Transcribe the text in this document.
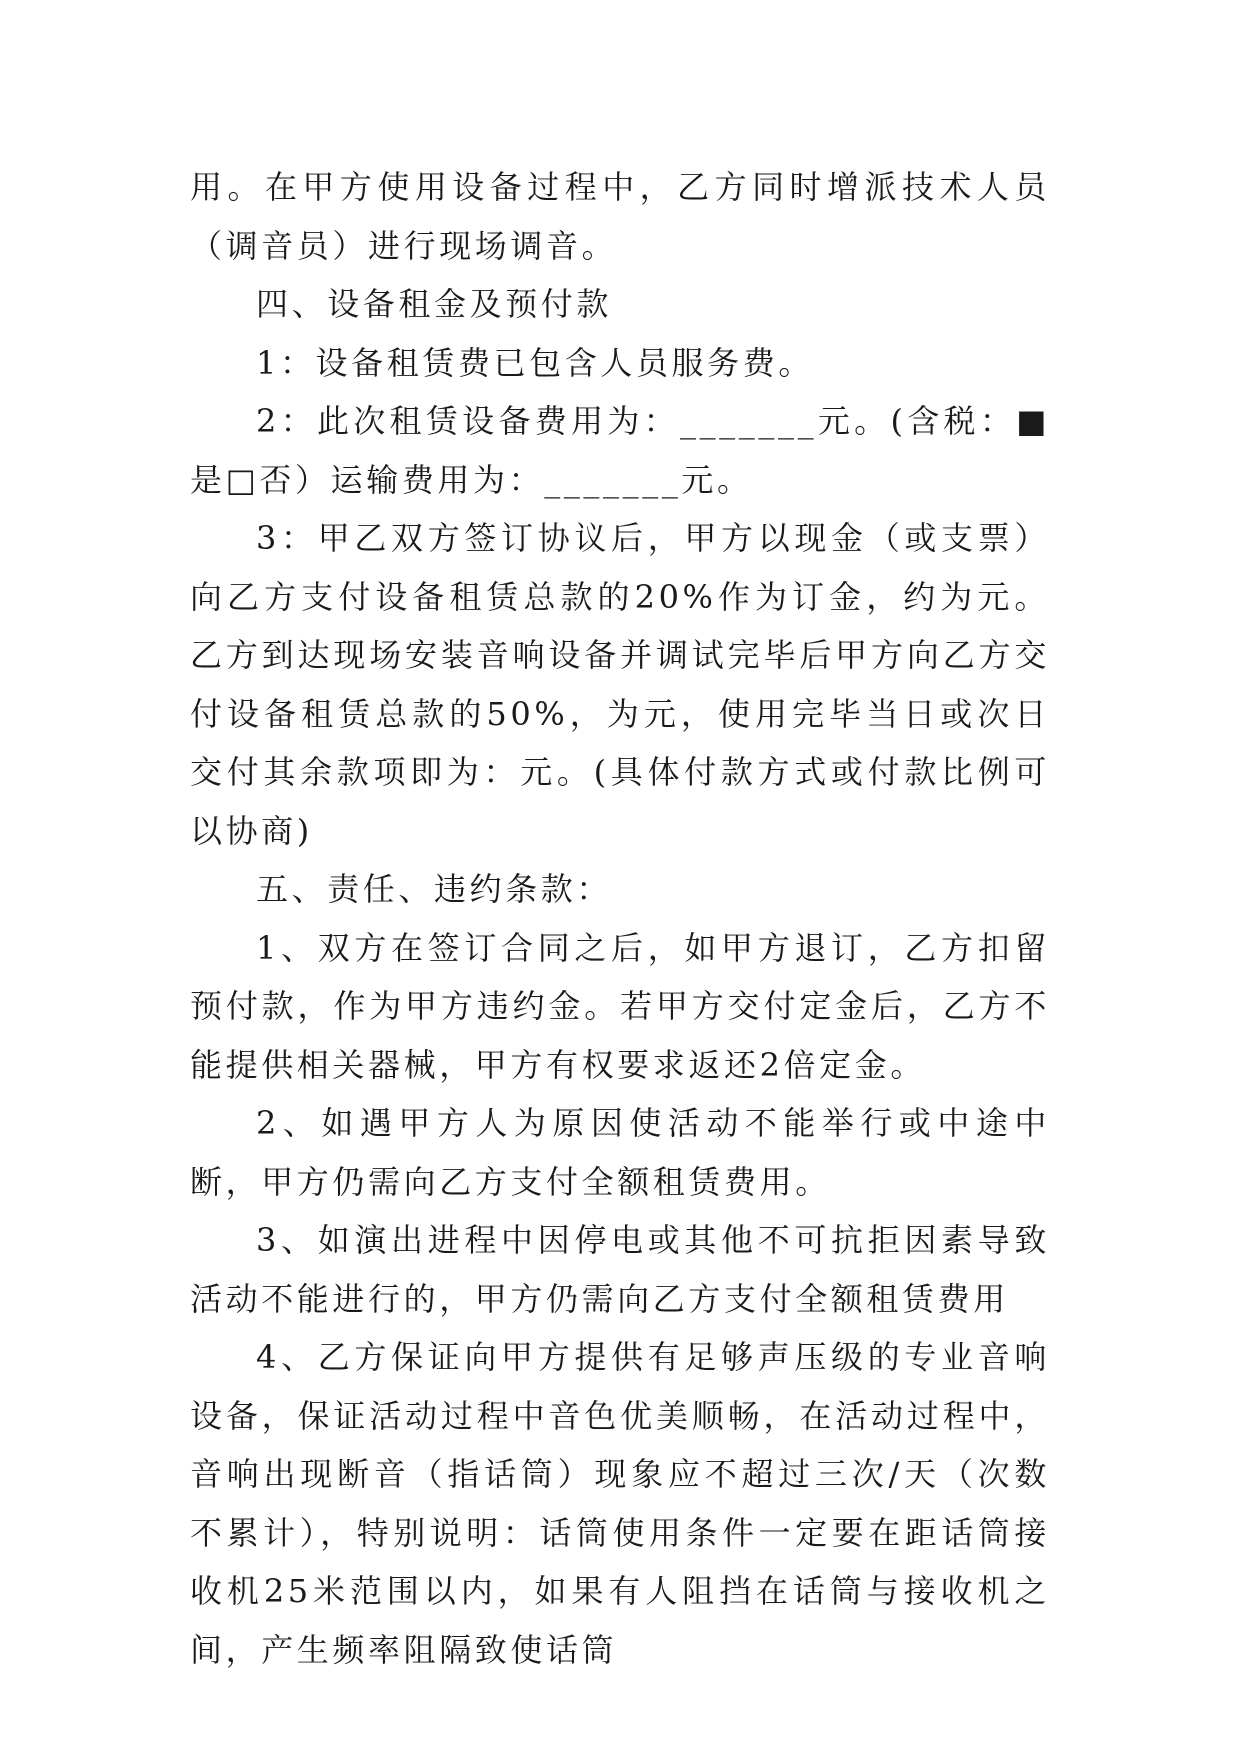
用。在甲方使用设备过程中，乙方同时增派技术人员（调音员）进行现场调音。

四、设备租金及预付款

1：设备租赁费已包含人员服务费。

2：此次租赁设备费用为：_______元。(含税：■是□否）运输费用为：_______元。

3：甲乙双方签订协议后，甲方以现金（或支票）向乙方支付设备租赁总款的20%作为订金，约为元。乙方到达现场安装音响设备并调试完毕后甲方向乙方交付设备租赁总款的50%，为元，使用完毕当日或次日交付其余款项即为：元。(具体付款方式或付款比例可以协商)

五、责任、违约条款：

1、双方在签订合同之后，如甲方退订，乙方扣留预付款，作为甲方违约金。若甲方交付定金后，乙方不能提供相关器械，甲方有权要求返还2倍定金。

2、如遇甲方人为原因使活动不能举行或中途中断，甲方仍需向乙方支付全额租赁费用。

3、如演出进程中因停电或其他不可抗拒因素导致活动不能进行的，甲方仍需向乙方支付全额租赁费用

4、乙方保证向甲方提供有足够声压级的专业音响设备，保证活动过程中音色优美顺畅，在活动过程中，音响出现断音（指话筒）现象应不超过三次/天（次数不累计），特别说明：话筒使用条件一定要在距话筒接收机25米范围以内，如果有人阻挡在话筒与接收机之间，产生频率阻隔致使话筒
